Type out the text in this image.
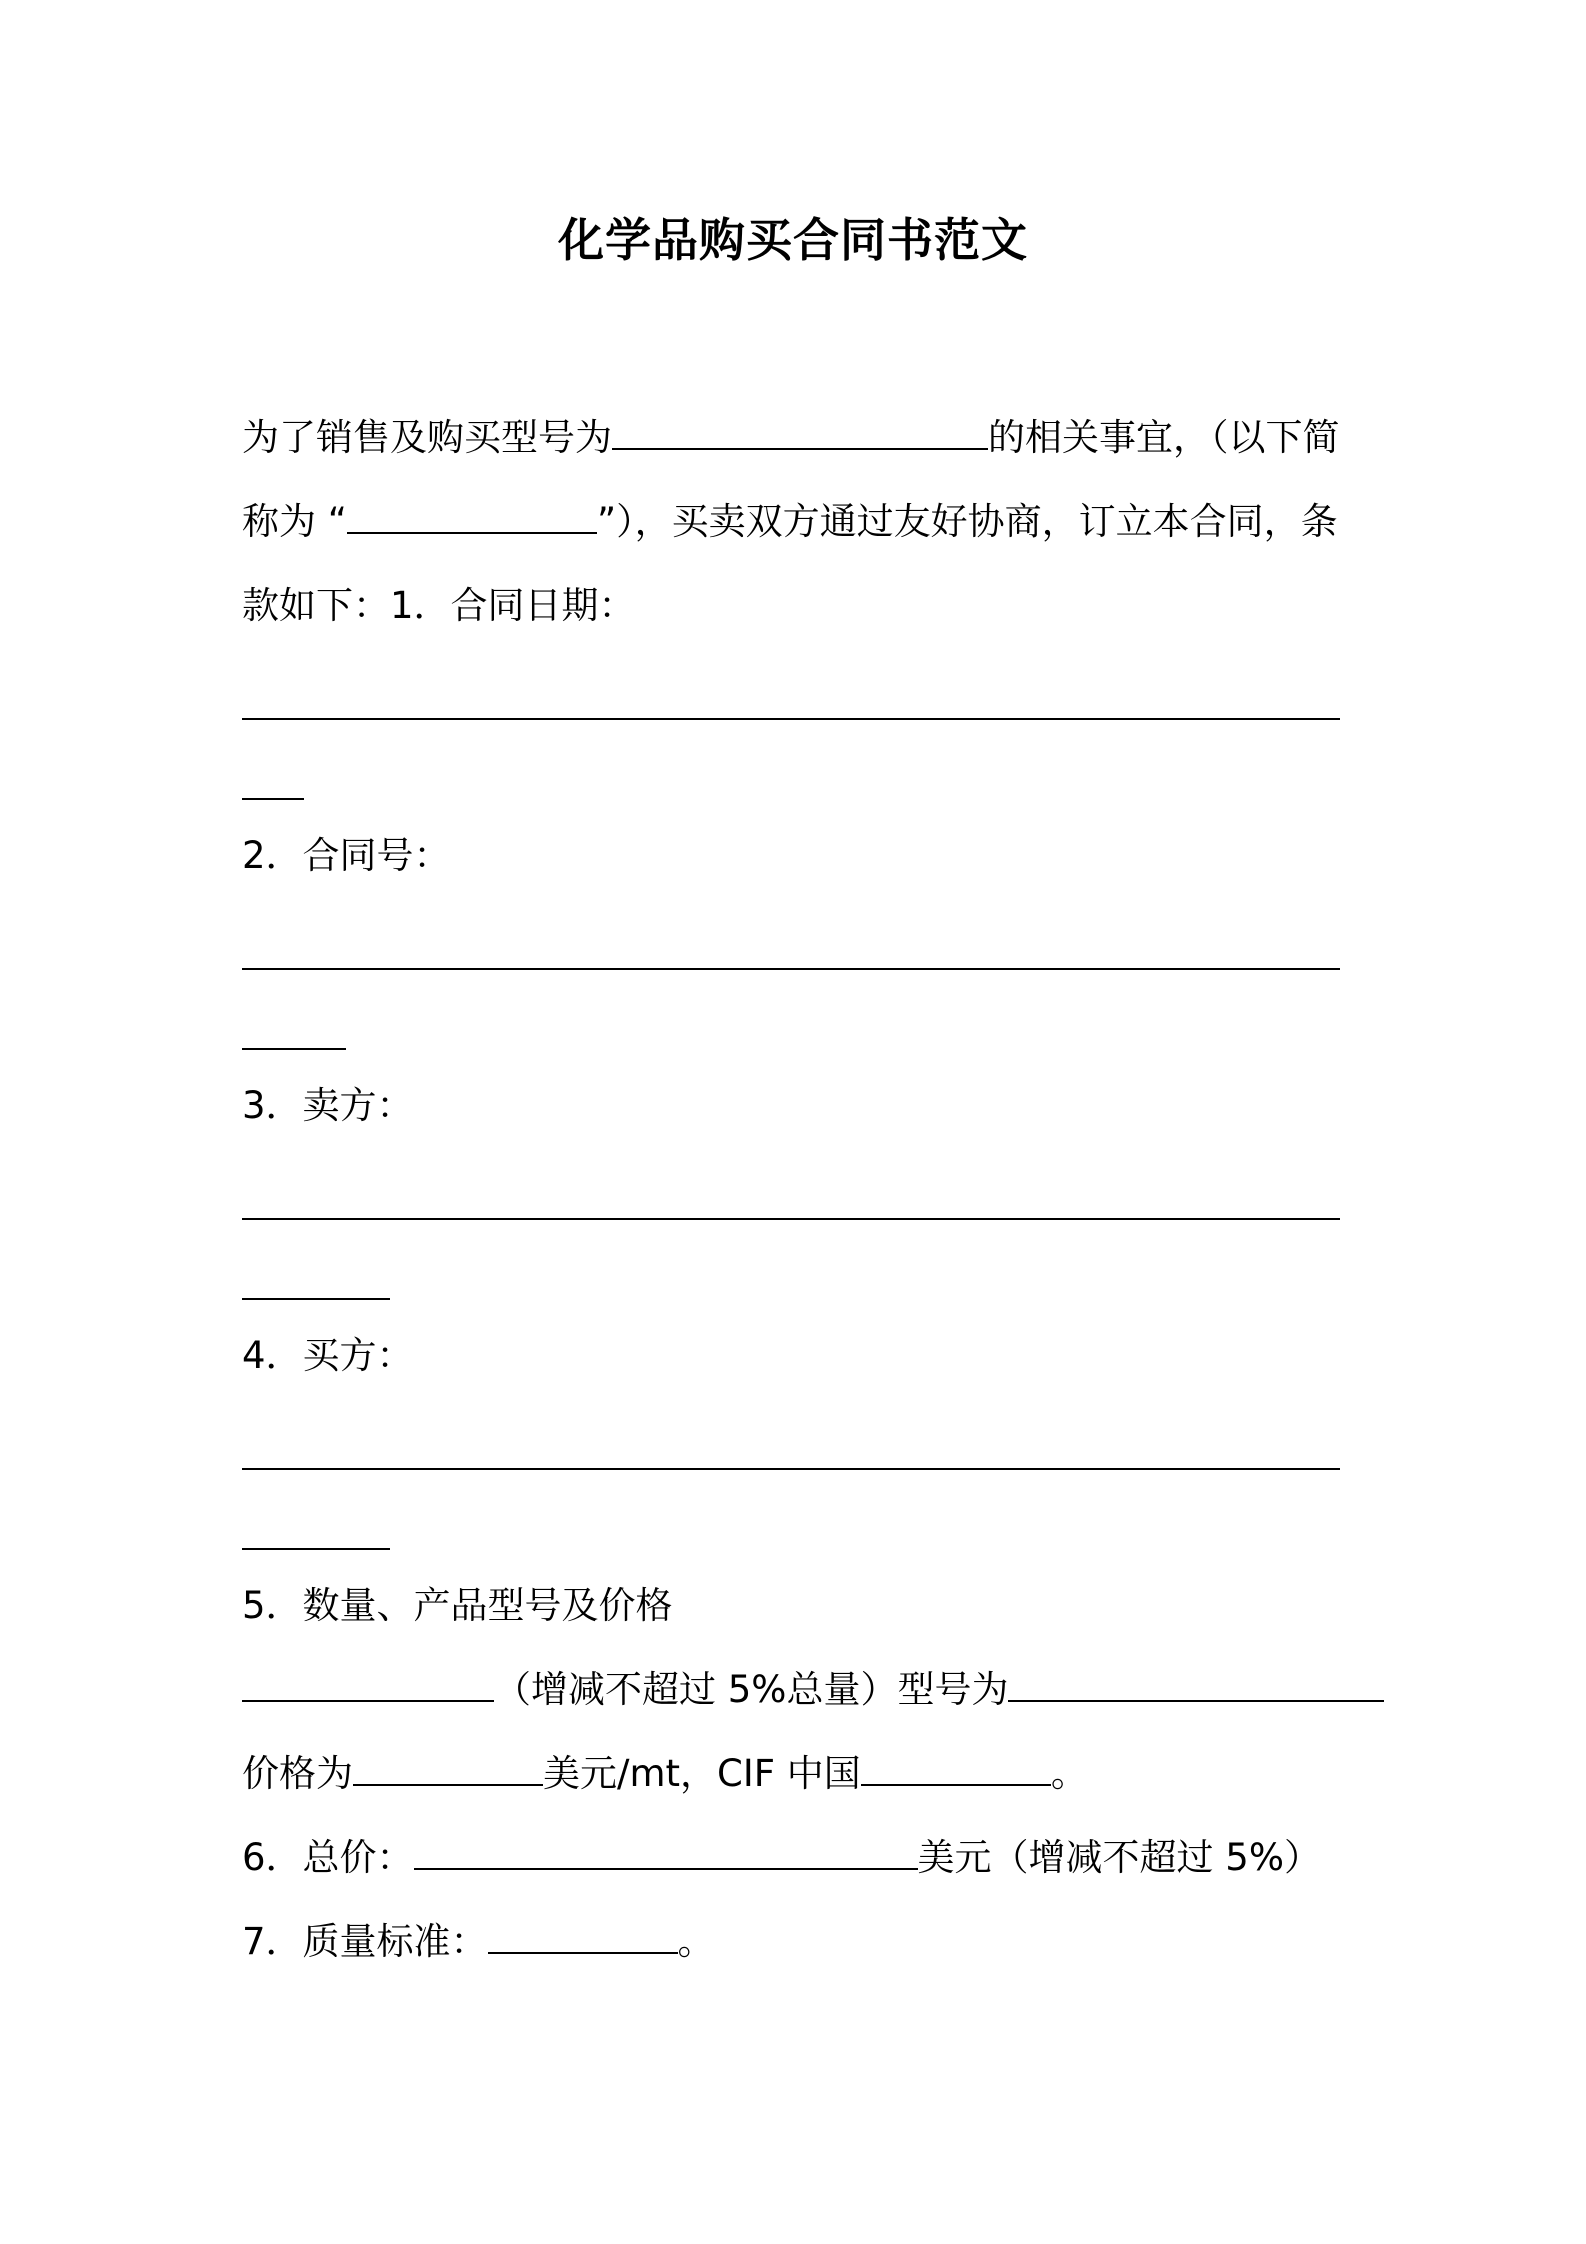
化学品购买合同书范文
为了销售及购买型号为	的相关事宜，（以下简
称为 “	”），买卖双方通过友好协商，订立本合同，条
款如下：1．合同日期：
2．合同号：
3．卖方：
4．买方：
5．数量、产品型号及价格
（增减不超过 5%总量）型号为
价格为	美元/mt，CIF 中国	。
6．总价：	美元（增减不超过 5%）
7．质量标准：	。
